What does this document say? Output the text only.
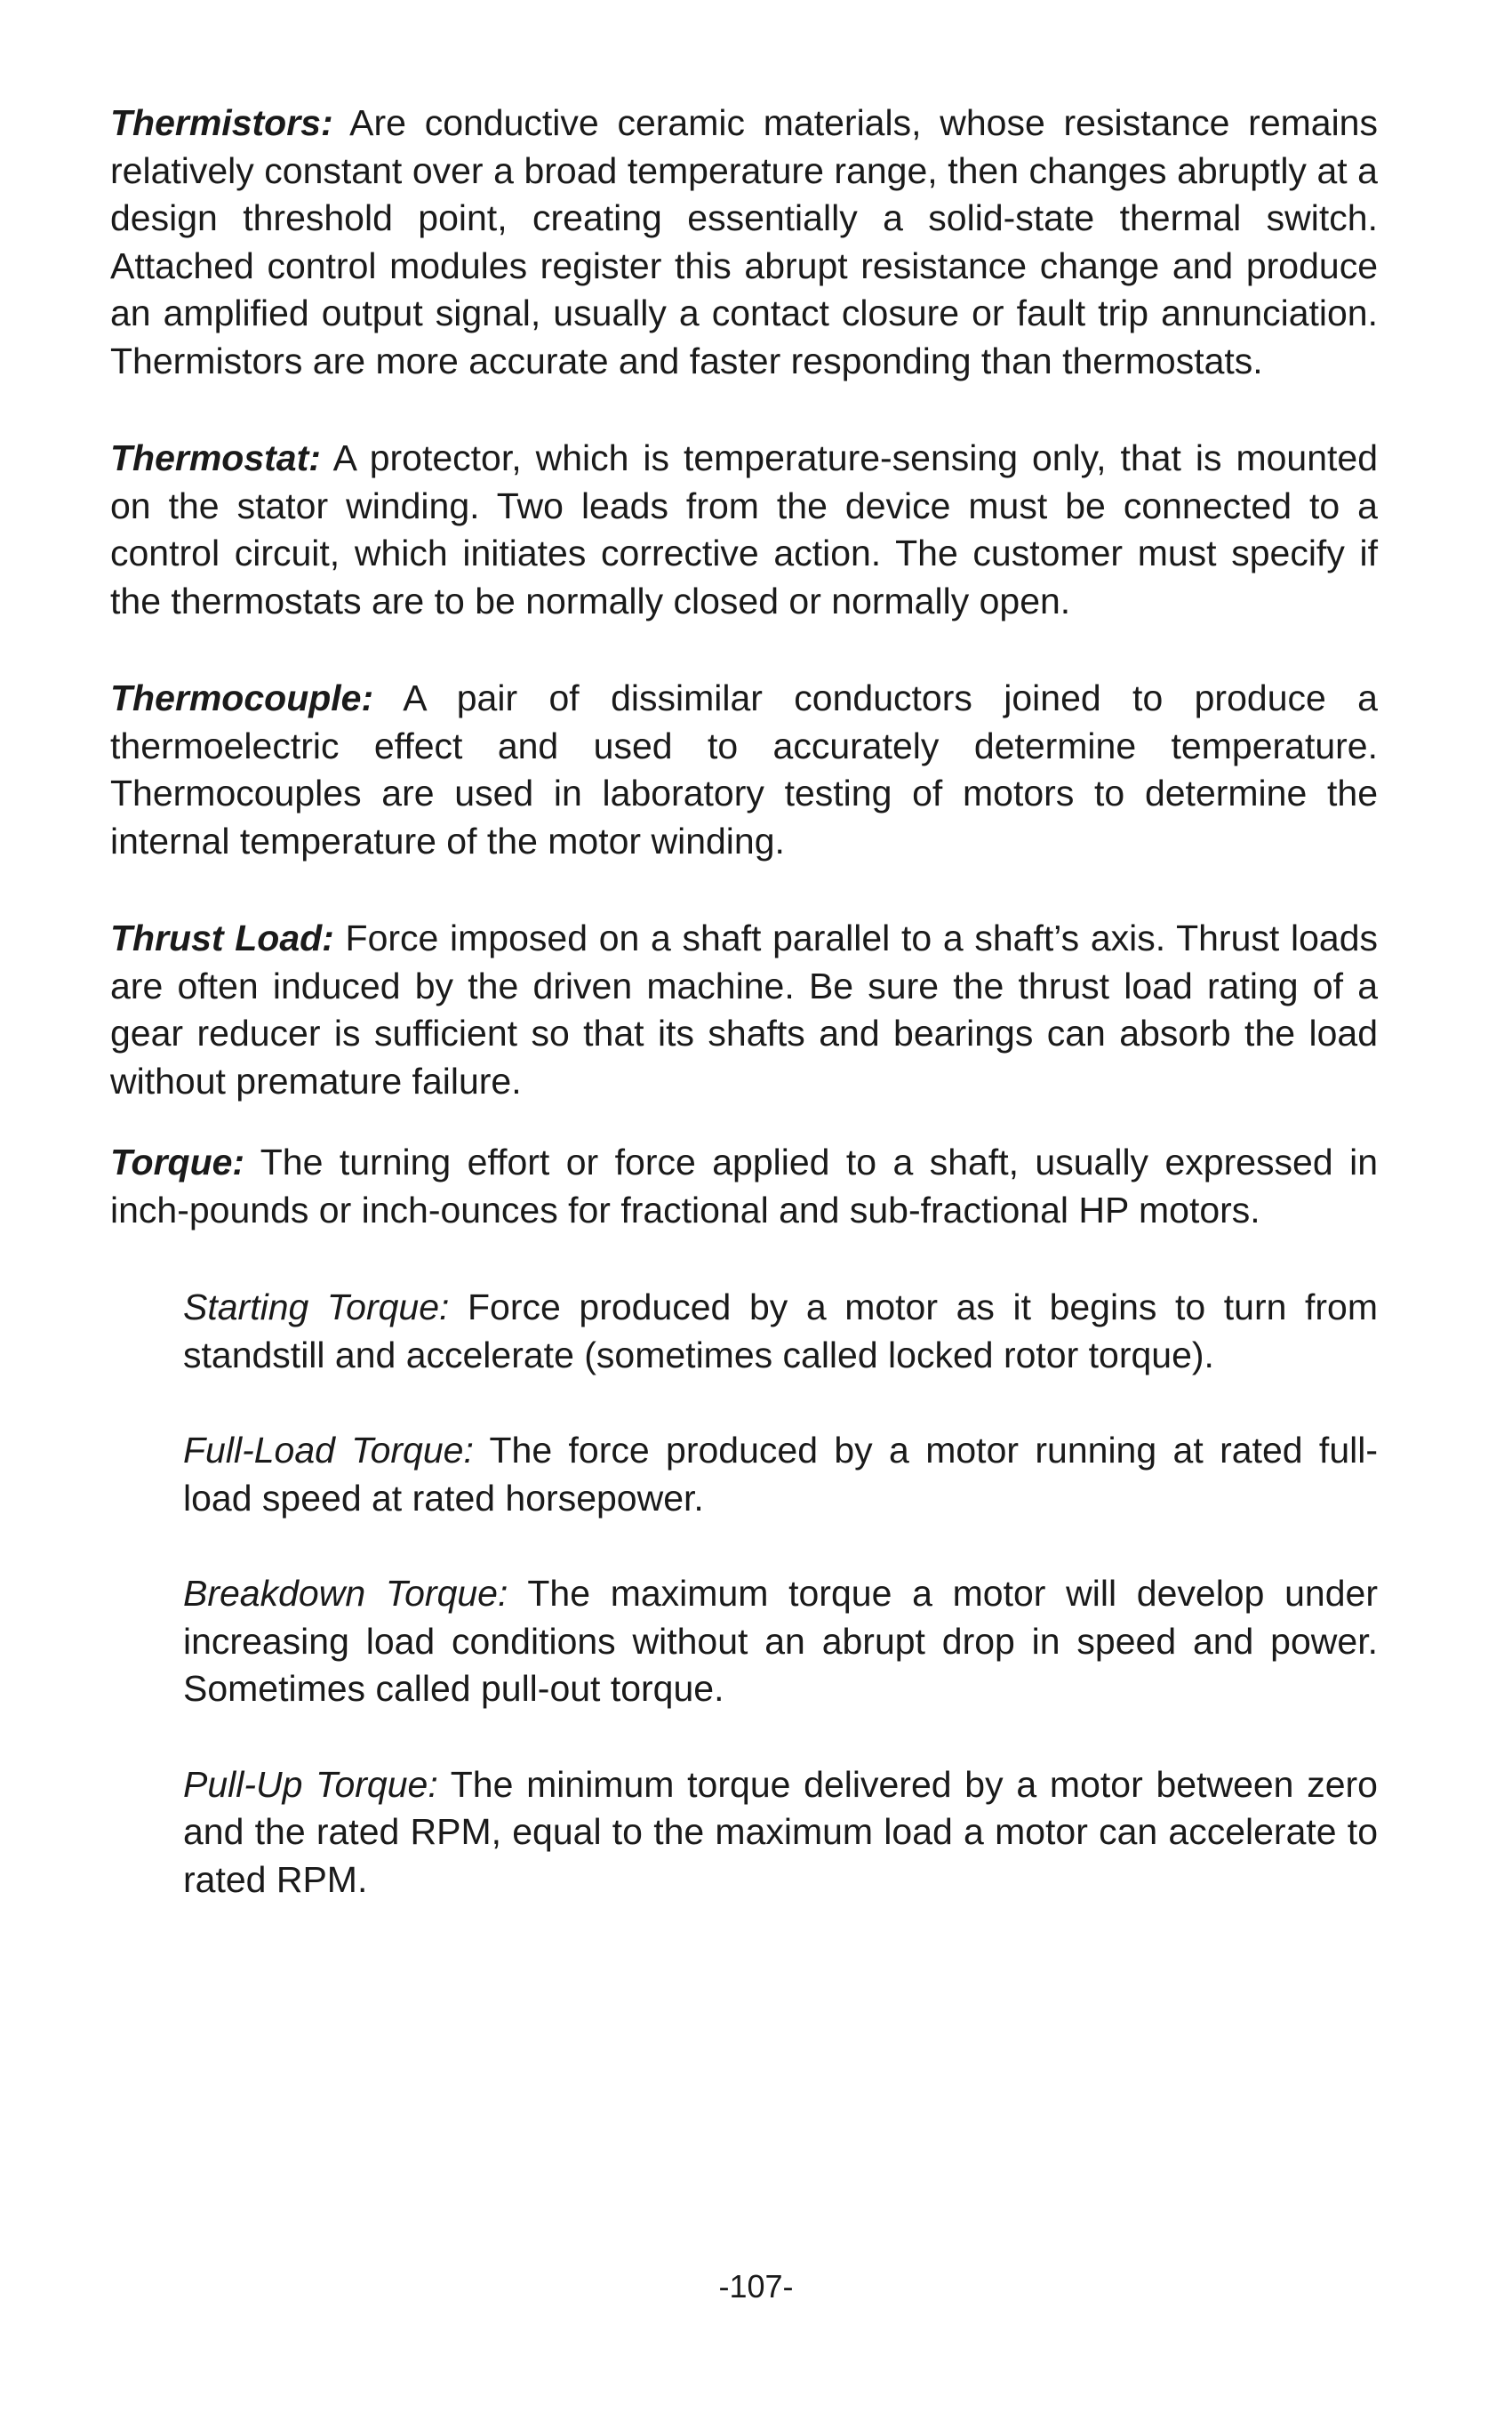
Thermistors: Are conductive ceramic materials, whose resistance remains relatively constant over a broad temperature range, then changes abruptly at a design threshold point, creating essentially a solid-state thermal switch. Attached control modules register this abrupt resistance change and produce an amplified output signal, usually a contact closure or fault trip annunciation. Thermistors are more accurate and faster responding than thermostats.

Thermostat: A protector, which is temperature-sensing only, that is mounted on the stator winding. Two leads from the device must be connected to a control circuit, which initiates corrective action. The customer must specify if the thermostats are to be normally closed or normally open.

Thermocouple: A pair of dissimilar conductors joined to produce a thermoelectric effect and used to accurately determine temperature. Thermocouples are used in laboratory testing of motors to determine the internal temperature of the motor winding.

Thrust Load: Force imposed on a shaft parallel to a shaft’s axis. Thrust loads are often induced by the driven machine. Be sure the thrust load rating of a gear reducer is sufficient so that its shafts and bearings can absorb the load without premature failure.

Torque: The turning effort or force applied to a shaft, usually expressed in inch-pounds or inch-ounces for fractional and sub-fractional HP motors.

Starting Torque: Force produced by a motor as it begins to turn from standstill and accelerate (sometimes called locked rotor torque).

Full-Load Torque: The force produced by a motor running at rated full-load speed at rated horsepower.

Breakdown Torque: The maximum torque a motor will develop under increasing load conditions without an abrupt drop in speed and power. Sometimes called pull-out torque.

Pull-Up Torque: The minimum torque delivered by a motor between zero and the rated RPM, equal to the maximum load a motor can accelerate to rated RPM.

-107-
